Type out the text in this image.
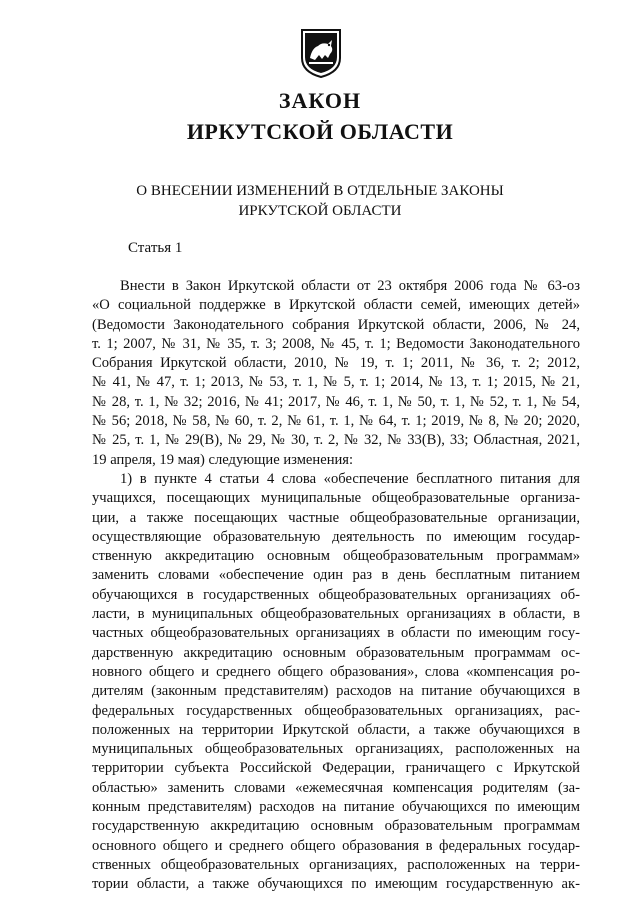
ЗАКОН
ИРКУТСКОЙ ОБЛАСТИ
О ВНЕСЕНИИ ИЗМЕНЕНИЙ В ОТДЕЛЬНЫЕ ЗАКОНЫ
ИРКУТСКОЙ ОБЛАСТИ
Статья 1
Внести в Закон Иркутской области от 23 октября 2006 года № 63-оз
«О социальной поддержке в Иркутской области семей, имеющих детей»
(Ведомости Законодательного собрания Иркутской области, 2006, № 24,
т. 1; 2007, № 31, № 35, т. 3; 2008, № 45, т. 1; Ведомости Законодательного
Собрания Иркутской области, 2010, № 19, т. 1; 2011, № 36, т. 2; 2012,
№ 41, № 47, т. 1; 2013, № 53, т. 1, № 5, т. 1; 2014, № 13, т. 1; 2015, № 21,
№ 28, т. 1, № 32; 2016, № 41; 2017, № 46, т. 1, № 50, т. 1, № 52, т. 1, № 54,
№ 56; 2018, № 58, № 60, т. 2, № 61, т. 1, № 64, т. 1; 2019, № 8, № 20; 2020,
№ 25, т. 1, № 29(В), № 29, № 30, т. 2, № 32, № 33(В), 33; Областная, 2021,
19 апреля, 19 мая) следующие изменения:
1) в пункте 4 статьи 4 слова «обеспечение бесплатного питания для
учащихся, посещающих муниципальные общеобразовательные организа-
ции, а также посещающих частные общеобразовательные организации,
осуществляющие образовательную деятельность по имеющим государ-
ственную аккредитацию основным общеобразовательным программам»
заменить словами «обеспечение один раз в день бесплатным питанием
обучающихся в государственных общеобразовательных организациях об-
ласти, в муниципальных общеобразовательных организациях в области, в
частных общеобразовательных организациях в области по имеющим госу-
дарственную аккредитацию основным образовательным программам ос-
новного общего и среднего общего образования», слова «компенсация ро-
дителям (законным представителям) расходов на питание обучающихся в
федеральных государственных общеобразовательных организациях, рас-
положенных на территории Иркутской области, а также обучающихся в
муниципальных общеобразовательных организациях, расположенных на
территории субъекта Российской Федерации, граничащего с Иркутской
областью» заменить словами «ежемесячная компенсация родителям (за-
конным представителям) расходов на питание обучающихся по имеющим
государственную аккредитацию основным образовательным программам
основного общего и среднего общего образования в федеральных государ-
ственных общеобразовательных организациях, расположенных на терри-
тории области, а также обучающихся по имеющим государственную ак-
